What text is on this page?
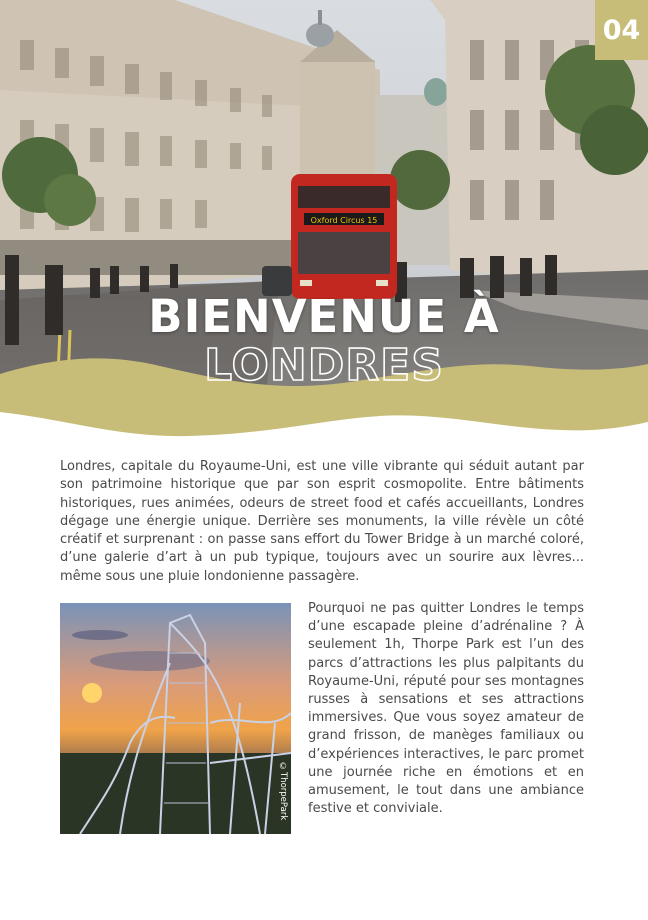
Oxford Circus 15
BIENVENUE À
LONDRES
04

Londres, capitale du Royaume-Uni, est une ville vibrante qui séduit autant par son patrimoine historique que par son esprit cosmopolite. Entre bâtiments historiques, rues animées, odeurs de street food et cafés accueillants, Londres dégage une énergie unique. Derrière ses monuments, la ville révèle un côté créatif et surprenant : on passe sans effort du Tower Bridge à un marché coloré, d’une galerie d’art à un pub typique, toujours avec un sourire aux lèvres... même sous une pluie londonienne passagère.

©ThorpePark

Pourquoi ne pas quitter Londres le temps d’une escapade pleine d’adrénaline ? À seulement 1h, Thorpe Park est l’un des parcs d’attractions les plus palpitants du Royaume-Uni, réputé pour ses montagnes russes à sensations et ses attractions immersives. Que vous soyez amateur de grand frisson, de manèges familiaux ou d’expériences interactives, le parc promet une journée riche en émotions et en amusement, le tout dans une ambiance festive et conviviale.
